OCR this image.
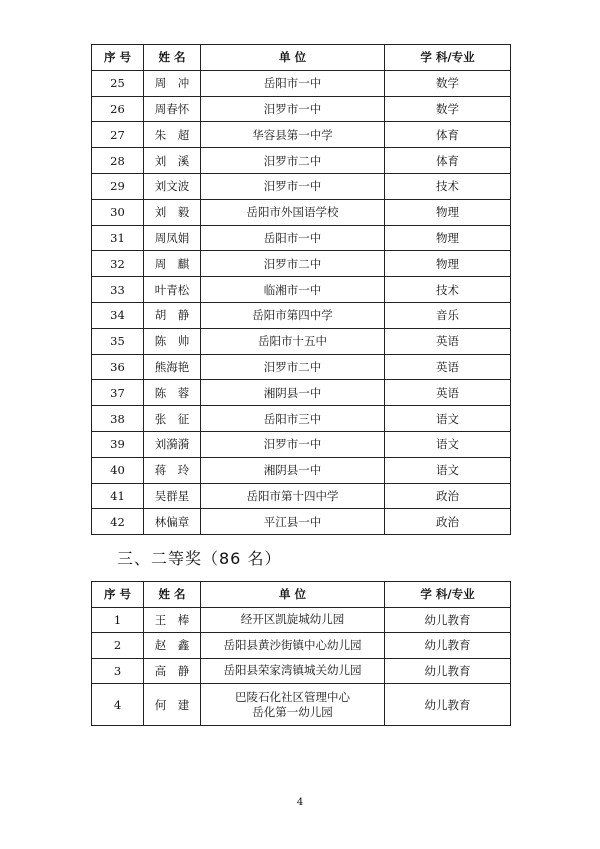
序 号	姓 名	单 位	学 科/专业
25	周　冲	岳阳市一中	数学
26	周春怀	汨罗市一中	数学
27	朱　超	华容县第一中学	体育
28	刘　溪	汨罗市二中	体育
29	刘文波	汨罗市一中	技术
30	刘　毅	岳阳市外国语学校	物理
31	周凤娟	岳阳市一中	物理
32	周　麒	汨罗市二中	物理
33	叶青松	临湘市一中	技术
34	胡　静	岳阳市第四中学	音乐
35	陈　帅	岳阳市十五中	英语
36	熊海艳	汨罗市二中	英语
37	陈　蓉	湘阴县一中	英语
38	张　征	岳阳市三中	语文
39	刘漪漪	汨罗市一中	语文
40	蒋　玲	湘阴县一中	语文
41	吴群星	岳阳市第十四中学	政治
42	林偏章	平江县一中	政治
三、二等奖（86 名）
序 号	姓 名	单 位	学 科/专业
1	王　棒	经开区凯旋城幼儿园	幼儿教育
2	赵　鑫	岳阳县黄沙街镇中心幼儿园	幼儿教育
3	高　静	岳阳县荣家湾镇城关幼儿园	幼儿教育
4	何　建	巴陵石化社区管理中心
岳化第一幼儿园	幼儿教育
4
